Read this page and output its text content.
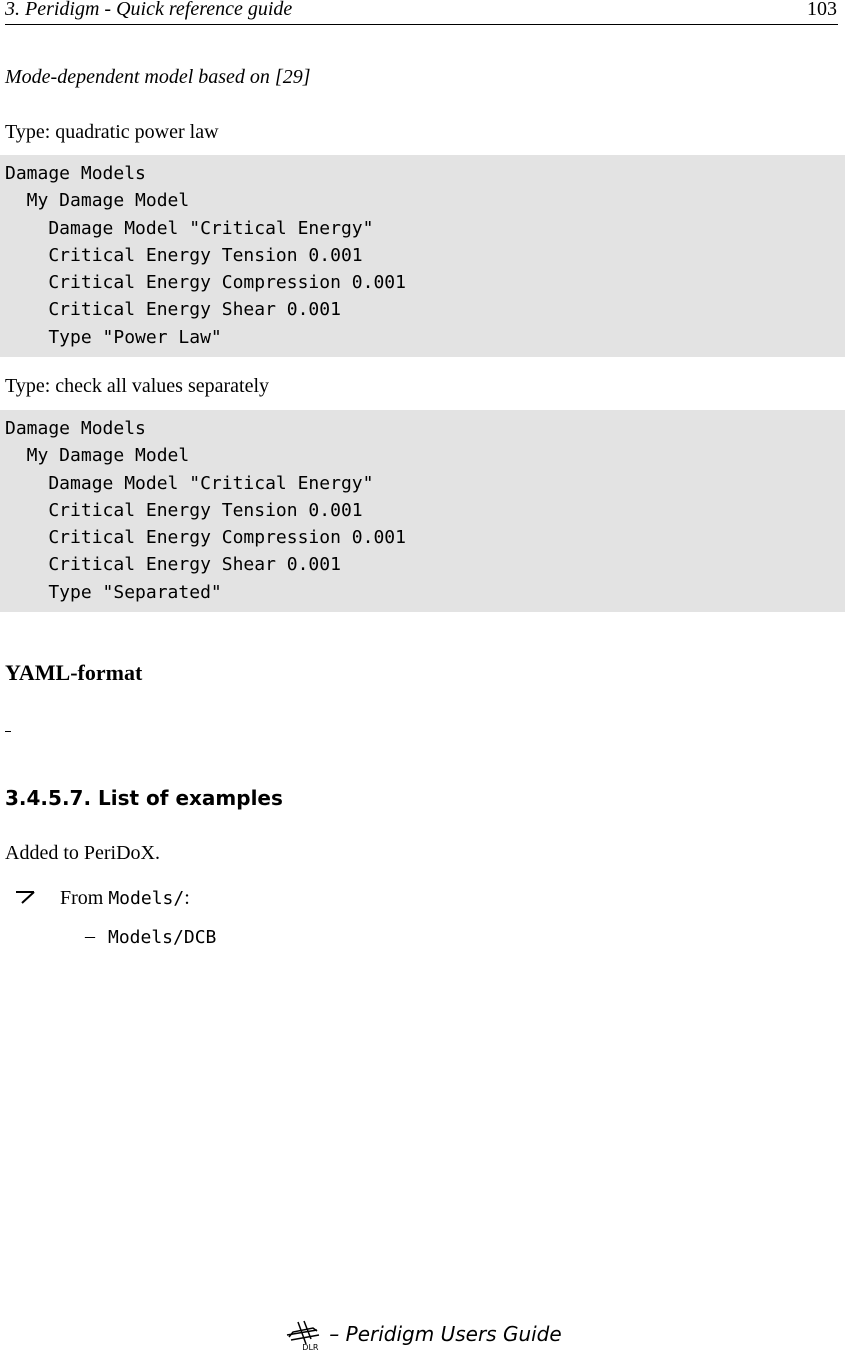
3. Peridigm - Quick reference guide	103
Mode-dependent model based on [29]
Type: quadratic power law
Damage Models
My Damage Model
Damage Model "Critical Energy"
Critical Energy Tension 0.001
Critical Energy Compression 0.001
Critical Energy Shear 0.001
Type "Power Law"
Type: check all values separately
Damage Models
My Damage Model
Damage Model "Critical Energy"
Critical Energy Tension 0.001
Critical Energy Compression 0.001
Critical Energy Shear 0.001
Type "Separated"
YAML-format
3.4.5.7. List of examples
Added to PeriDoX.
From Models/:
– Models/DCB
DLR
– Peridigm Users Guide
